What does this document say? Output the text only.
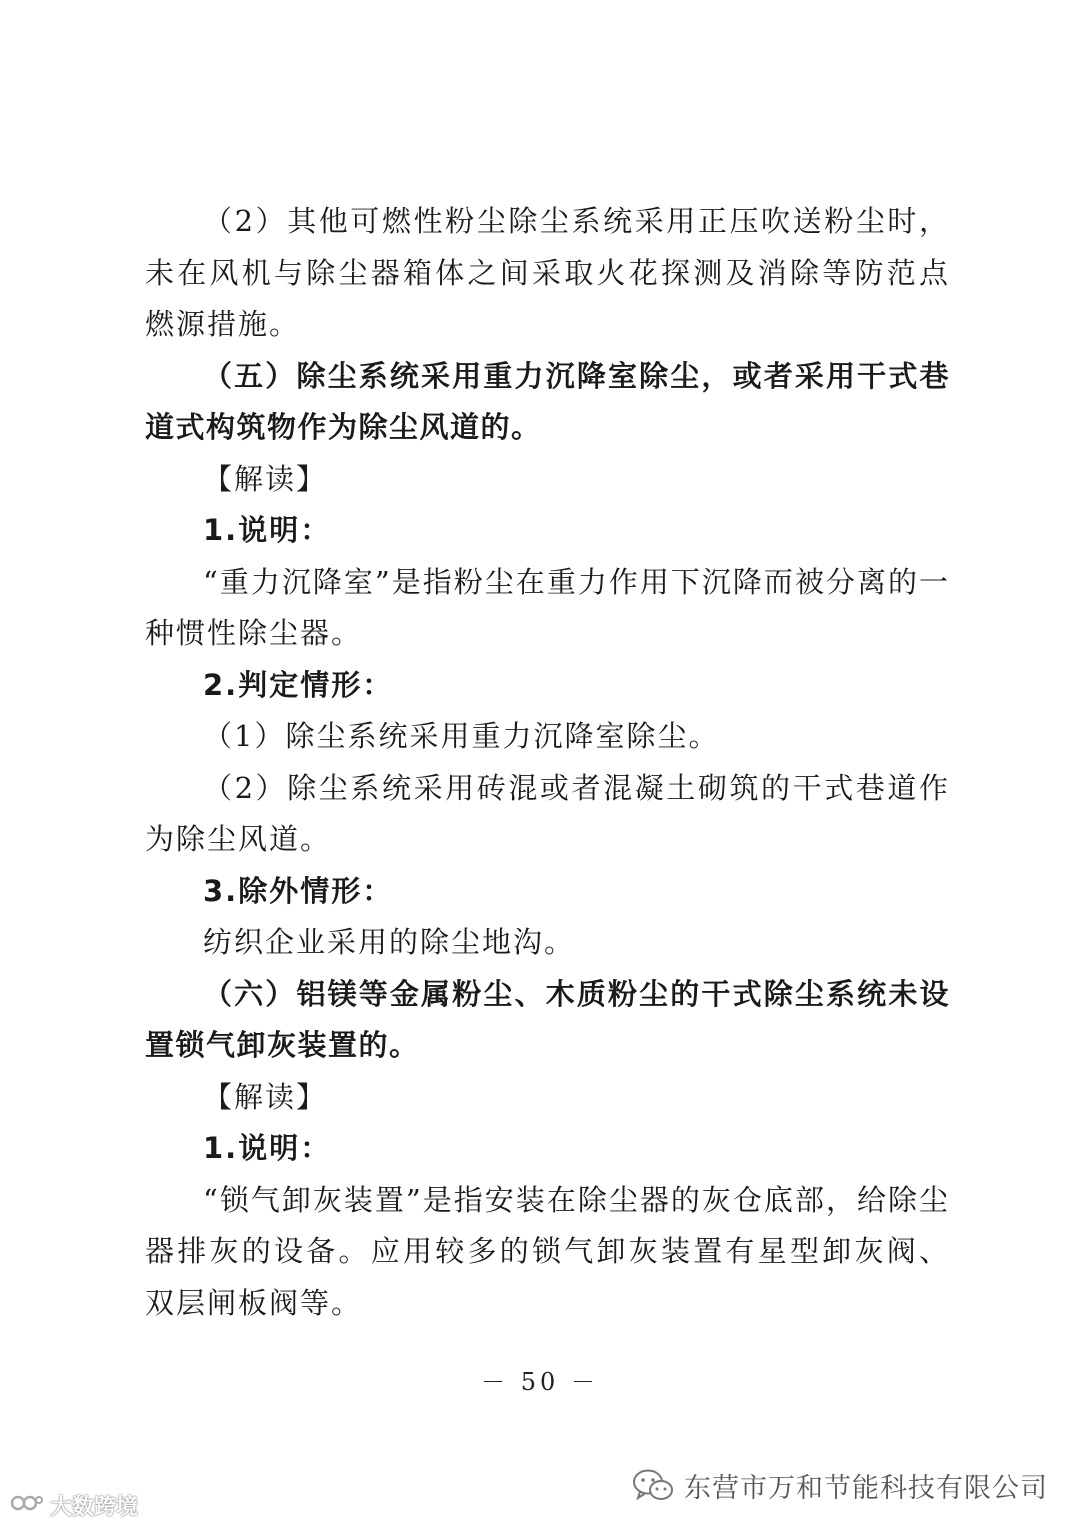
（2）其他可燃性粉尘除尘系统采用正压吹送粉尘时，未在风机与除尘器箱体之间采取火花探测及消除等防范点燃源措施。

（五）除尘系统采用重力沉降室除尘，或者采用干式巷道式构筑物作为除尘风道的。

【解读】

1.说明：

“重力沉降室”是指粉尘在重力作用下沉降而被分离的一种惯性除尘器。

2.判定情形：

（1）除尘系统采用重力沉降室除尘。

（2）除尘系统采用砖混或者混凝土砌筑的干式巷道作为除尘风道。

3.除外情形：

纺织企业采用的除尘地沟。

（六）铝镁等金属粉尘、木质粉尘的干式除尘系统未设置锁气卸灰装置的。

【解读】

1.说明：

“锁气卸灰装置”是指安装在除尘器的灰仓底部，给除尘器排灰的设备。应用较多的锁气卸灰装置有星型卸灰阀、双层闸板阀等。

－ 50 －
东营市万和节能科技有限公司
大数跨境
